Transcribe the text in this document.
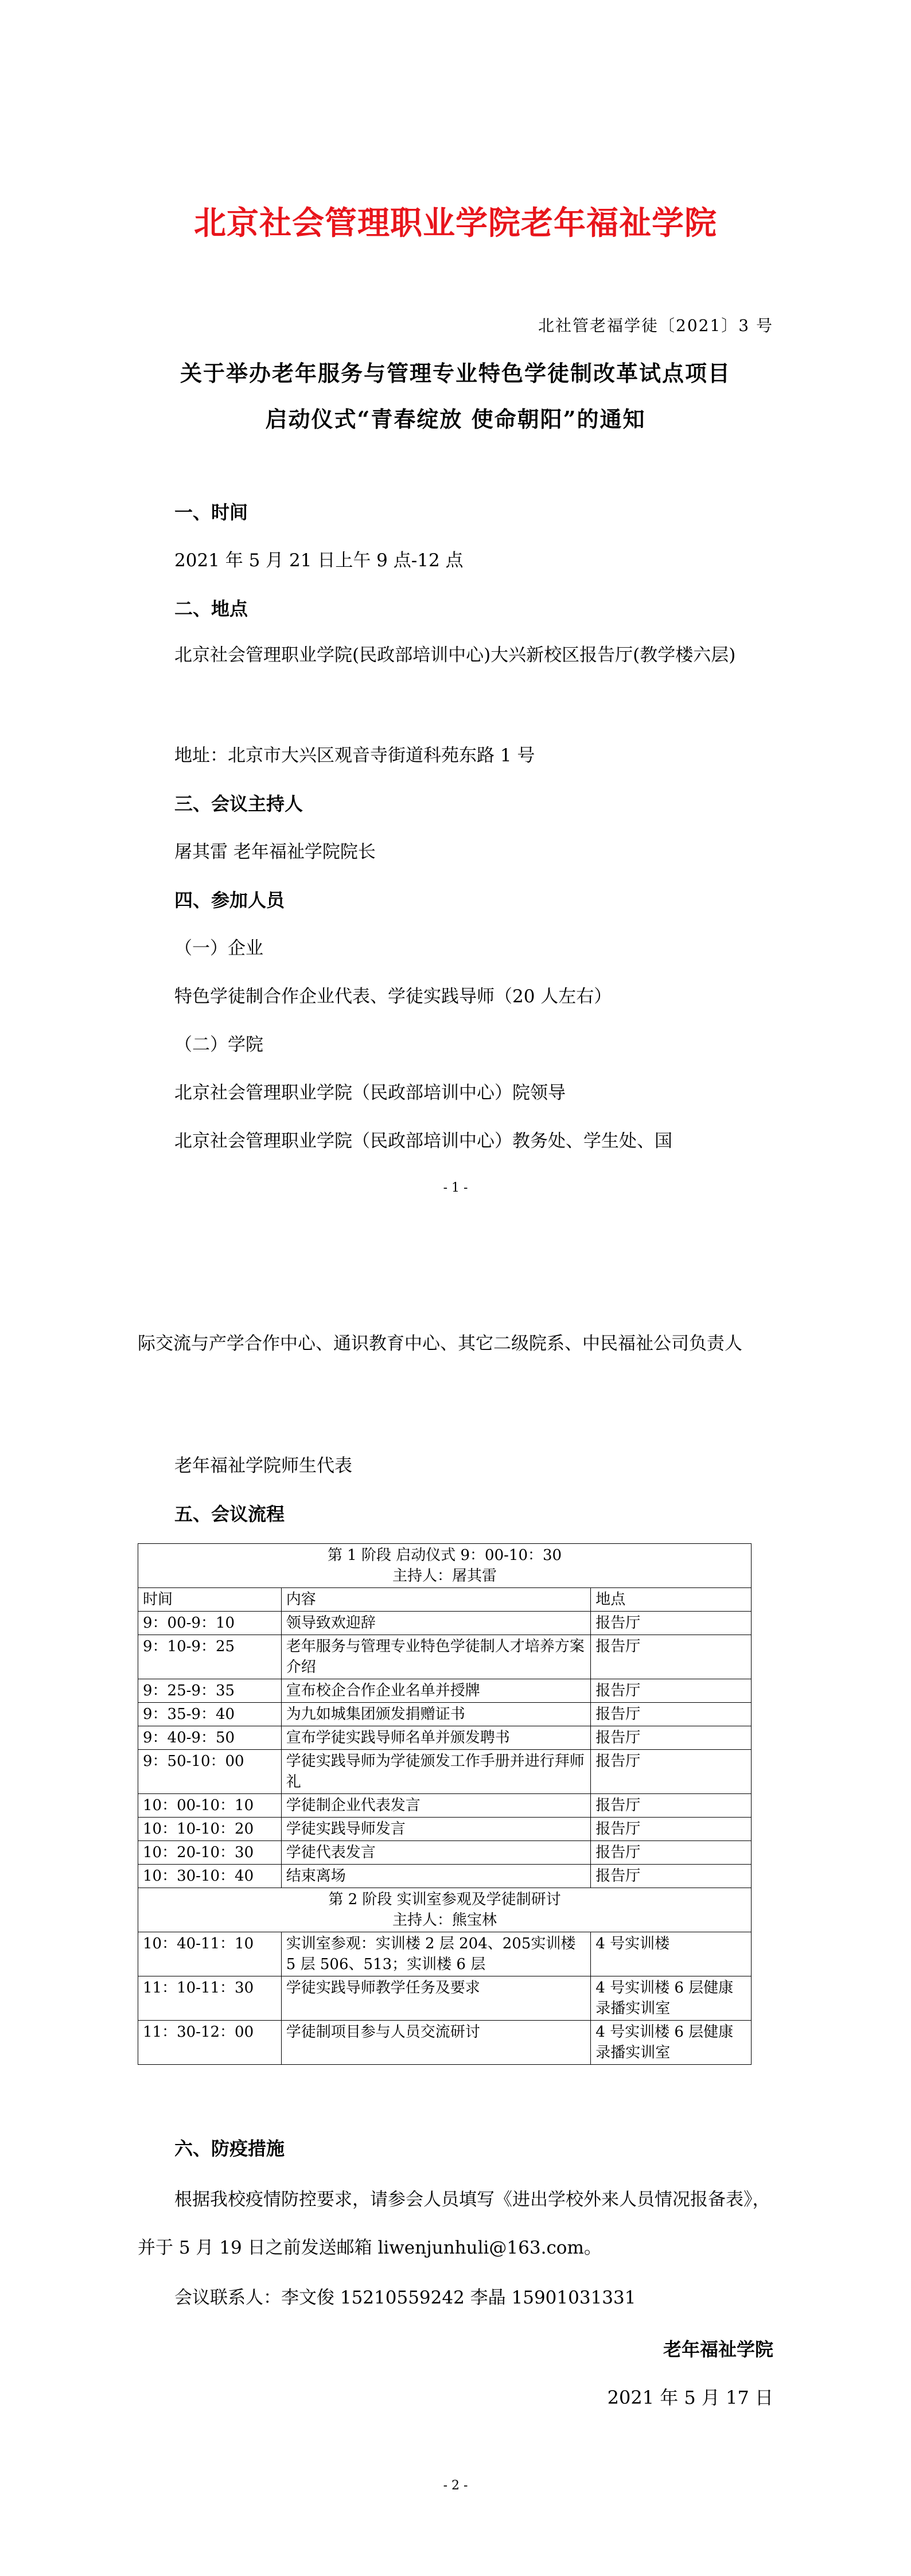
北京社会管理职业学院老年福祉学院
北社管老福学徒〔2021〕3 号
关于举办老年服务与管理专业特色学徒制改革试点项目
启动仪式“青春绽放 使命朝阳”的通知
一、时间
2021 年 5 月 21 日上午 9 点-12 点
二、地点
北京社会管理职业学院(民政部培训中心)大兴新校区报告厅(教学楼六层)
地址：北京市大兴区观音寺街道科苑东路 1 号
三、会议主持人
屠其雷 老年福祉学院院长
四、参加人员
（一）企业
特色学徒制合作企业代表、学徒实践导师（20 人左右）
（二）学院
北京社会管理职业学院（民政部培训中心）院领导
北京社会管理职业学院（民政部培训中心）教务处、学生处、国
- 1 -
际交流与产学合作中心、通识教育中心、其它二级院系、中民福祉公司负责人
老年福祉学院师生代表
五、会议流程
第 1 阶段 启动仪式 9：00-10：30
主持人：屠其雷		

时间	内容	地点
9：00-9：10	领导致欢迎辞	报告厅
9：10-9：25	老年服务与管理专业特色学徒制人才培养方案介绍	报告厅
9：25-9：35	宣布校企合作企业名单并授牌	报告厅
9：35-9：40	为九如城集团颁发捐赠证书	报告厅
9：40-9：50	宣布学徒实践导师名单并颁发聘书	报告厅
9：50-10：00	学徒实践导师为学徒颁发工作手册并进行拜师礼	报告厅
10：00-10：10	学徒制企业代表发言	报告厅
10：10-10：20	学徒实践导师发言	报告厅
10：20-10：30	学徒代表发言	报告厅
10：30-10：40	结束离场	报告厅

第 2 阶段 实训室参观及学徒制研讨
主持人：熊宝林		

10：40-11：10	实训室参观：实训楼 2 层 204、205实训楼 5 层 506、513；实训楼 6 层	4 号实训楼
11：10-11：30	学徒实践导师教学任务及要求	4 号实训楼 6 层健康录播实训室
11：30-12：00	学徒制项目参与人员交流研讨	4 号实训楼 6 层健康录播实训室
六、防疫措施
根据我校疫情防控要求，请参会人员填写《进出学校外来人员情况报备表》，并于 5 月 19 日之前发送邮箱 liwenjunhuli@163.com。
会议联系人：李文俊 15210559242 李晶 15901031331
老年福祉学院
2021 年 5 月 17 日
- 2 -
